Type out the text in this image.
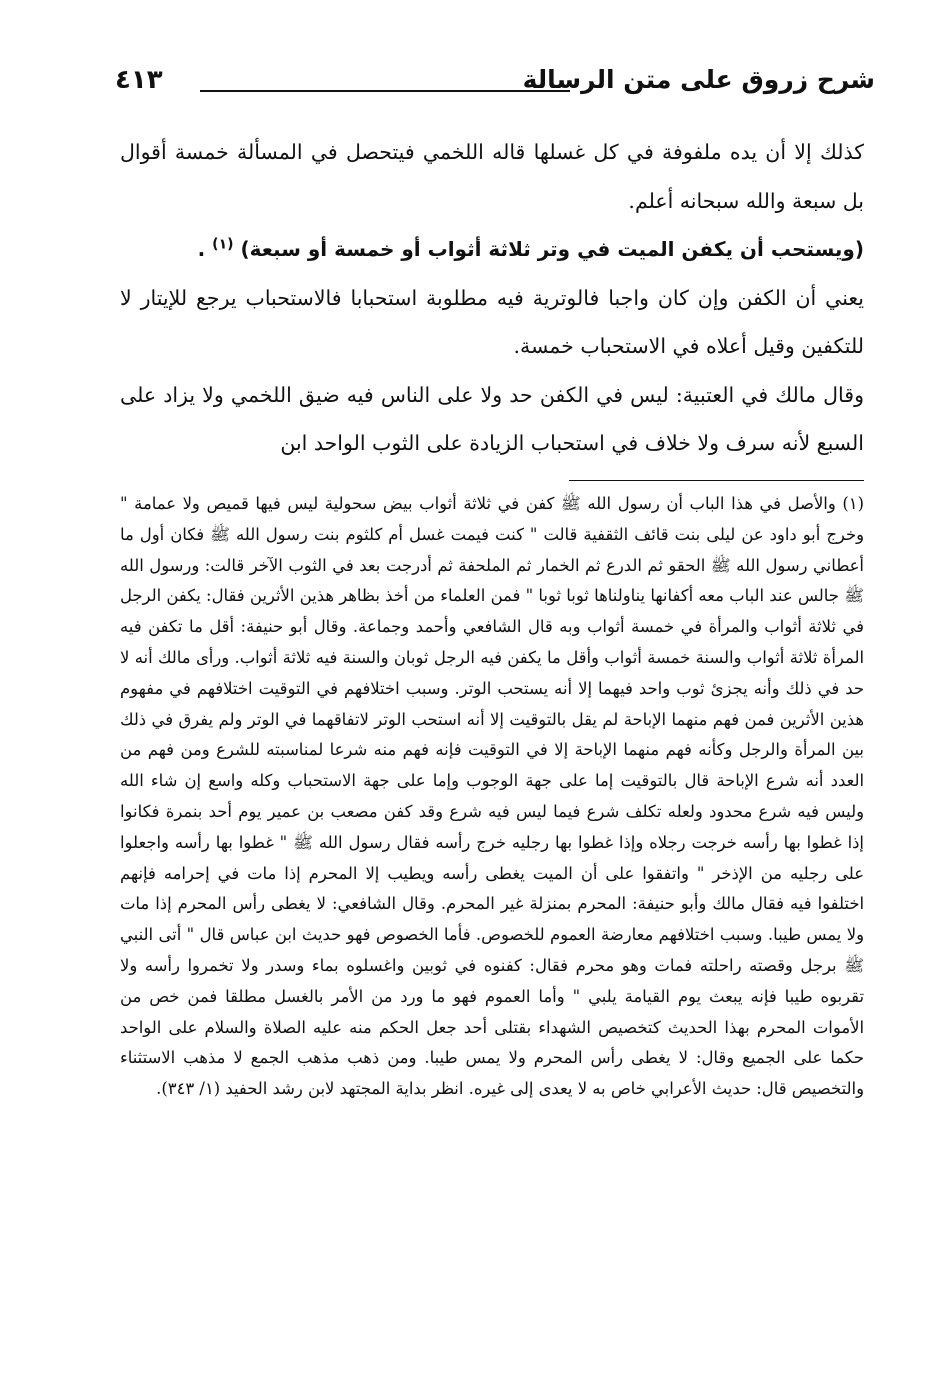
شرح زروق على متن الرسالة
٤١٣

كذلك إلا أن يده ملفوفة في كل غسلها قاله اللخمي فيتحصل في المسألة خمسة أقوال بل سبعة والله سبحانه أعلم.

(ويستحب أن يكفن الميت في وتر ثلاثة أثواب أو خمسة أو سبعة) $^{(١)}$ .

يعني أن الكفن وإن كان واجبا فالوترية فيه مطلوبة استحبابا فالاستحباب يرجع للإيتار لا للتكفين وقيل أعلاه في الاستحباب خمسة.

وقال مالك في العتبية: ليس في الكفن حد ولا على الناس فيه ضيق اللخمي ولا يزاد على السبع لأنه سرف ولا خلاف في استحباب الزيادة على الثوب الواحد ابن

(١) والأصل في هذا الباب أن رسول الله ﷺ كفن في ثلاثة أثواب بيض سحولية ليس فيها قميص ولا عمامة " وخرج أبو داود عن ليلى بنت قائف الثقفية قالت " كنت فيمت غسل أم كلثوم بنت رسول الله ﷺ فكان أول ما أعطاني رسول الله ﷺ الحقو ثم الدرع ثم الخمار ثم الملحفة ثم أدرجت بعد في الثوب الآخر قالت: ورسول الله ﷺ جالس عند الباب معه أكفانها يناولناها ثوبا ثوبا " فمن العلماء من أخذ بظاهر هذين الأثرين فقال: يكفن الرجل في ثلاثة أثواب والمرأة في خمسة أثواب وبه قال الشافعي وأحمد وجماعة. وقال أبو حنيفة: أقل ما تكفن فيه المرأة ثلاثة أثواب والسنة خمسة أثواب وأقل ما يكفن فيه الرجل ثوبان والسنة فيه ثلاثة أثواب. ورأى مالك أنه لا حد في ذلك وأنه يجزئ ثوب واحد فيهما إلا أنه يستحب الوتر. وسبب اختلافهم في التوقيت اختلافهم في مفهوم هذين الأثرين فمن فهم منهما الإباحة لم يقل بالتوقيت إلا أنه استحب الوتر لاتفاقهما في الوتر ولم يفرق في ذلك بين المرأة والرجل وكأنه فهم منهما الإباحة إلا في التوقيت فإنه فهم منه شرعا لمناسبته للشرع ومن فهم من العدد أنه شرع الإباحة قال بالتوقيت إما على جهة الوجوب وإما على جهة الاستحباب وكله واسع إن شاء الله وليس فيه شرع محدود ولعله تكلف شرع فيما ليس فيه شرع وقد كفن مصعب بن عمير يوم أحد بنمرة فكانوا إذا غطوا بها رأسه خرجت رجلاه وإذا غطوا بها رجليه خرج رأسه فقال رسول الله ﷺ " غطوا بها رأسه واجعلوا على رجليه من الإذخر " واتفقوا على أن الميت يغطى رأسه ويطيب إلا المحرم إذا مات في إحرامه فإنهم اختلفوا فيه فقال مالك وأبو حنيفة: المحرم بمنزلة غير المحرم. وقال الشافعي: لا يغطى رأس المحرم إذا مات ولا يمس طيبا. وسبب اختلافهم معارضة العموم للخصوص. فأما الخصوص فهو حديث ابن عباس قال " أتى النبي ﷺ برجل وقصته راحلته فمات وهو محرم فقال: كفنوه في ثوبين واغسلوه بماء وسدر ولا تخمروا رأسه ولا تقربوه طيبا فإنه يبعث يوم القيامة يلبي " وأما العموم فهو ما ورد من الأمر بالغسل مطلقا فمن خص من الأموات المحرم بهذا الحديث كتخصيص الشهداء بقتلى أحد جعل الحكم منه عليه الصلاة والسلام على الواحد حكما على الجميع وقال: لا يغطى رأس المحرم ولا يمس طيبا. ومن ذهب مذهب الجمع لا مذهب الاستثناء والتخصيص قال: حديث الأعرابي خاص به لا يعدى إلى غيره. انظر بداية المجتهد لابن رشد الحفيد (١/ ٣٤٣).
